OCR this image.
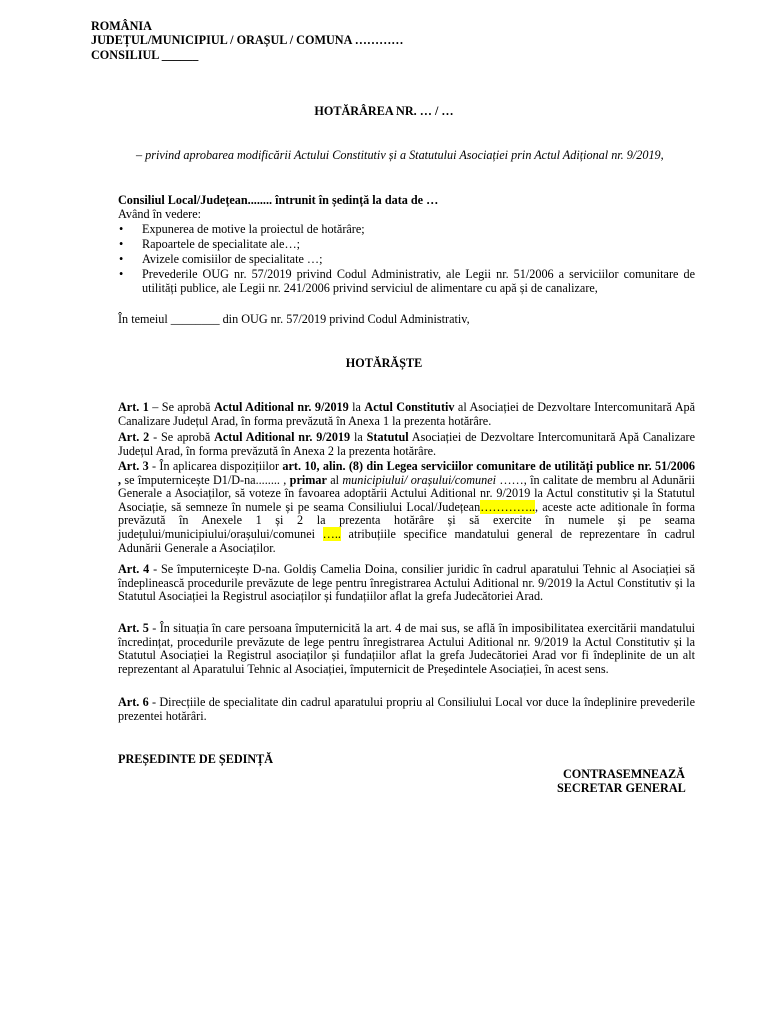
ROMÂNIA
JUDEȚUL/MUNICIPIUL / ORAȘUL / COMUNA …………
CONSILIUL ______
HOTĂRÂREA NR. … / …
– privind aprobarea modificării Actului Constitutiv și a Statutului Asociației prin Actul Adițional nr. 9/2019,
Consiliul Local/Județean........ întrunit în ședință la data de …
Având în vedere:
• Expunerea de motive la proiectul de hotărâre;
• Rapoartele de specialitate ale…;
• Avizele comisiilor de specialitate …;
• Prevederile OUG nr. 57/2019 privind Codul Administrativ, ale Legii nr. 51/2006 a serviciilor comunitare de utilități publice, ale Legii nr. 241/2006 privind serviciul de alimentare cu apă și de canalizare,
În temeiul ________ din OUG nr. 57/2019 privind Codul Administrativ,
HOTĂRĂȘTE
Art. 1 – Se aprobă Actul Aditional nr. 9/2019 la Actul Constitutiv al Asociației de Dezvoltare Intercomunitară Apă Canalizare Județul Arad, în forma prevăzută în Anexa 1 la prezenta hotărâre.
Art. 2 - Se aprobă Actul Aditional nr. 9/2019 la Statutul Asociației de Dezvoltare Intercomunitară Apă Canalizare Județul Arad, în forma prevăzută în Anexa 2 la prezenta hotărâre.
Art. 3 - În aplicarea dispozițiilor art. 10, alin. (8) din Legea serviciilor comunitare de utilități publice nr. 51/2006 , se împuternicește D1/D-na........ , primar al municipiului/ orașului/comunei ……, în calitate de membru al Adunării Generale a Asociaților, să voteze în favoarea adoptării Actului Aditional nr. 9/2019 la Actul constitutiv și la Statutul Asociație, să semneze în numele și pe seama Consiliului Local/Județean………….., aceste acte aditionale în forma prevăzută în Anexele 1 și 2 la prezenta hotărâre și să exercite în numele și pe seama județului/municipiului/orașului/comunei ….. atribuțiile specifice mandatului general de reprezentare în cadrul Adunării Generale a Asociaților.
Art. 4 - Se împuternicește D-na. Goldiș Camelia Doina, consilier juridic în cadrul aparatului Tehnic al Asociației să îndeplinească procedurile prevăzute de lege pentru înregistrarea Actului Aditional nr. 9/2019 la Actul Constitutiv și la Statutul Asociației la Registrul asociaților și fundațiilor aflat la grefa Judecătoriei Arad.
Art. 5 - În situația în care persoana împuternicită la art. 4 de mai sus, se află în imposibilitatea exercitării mandatului încredințat, procedurile prevăzute de lege pentru înregistrarea Actului Aditional nr. 9/2019 la Actul Constitutiv și la Statutul Asociației la Registrul asociaților și fundațiilor aflat la grefa Judecătoriei Arad vor fi îndeplinite de un alt reprezentant al Aparatului Tehnic al Asociației, împuternicit de Președintele Asociației, în acest sens.
Art. 6 - Direcțiile de specialitate din cadrul aparatului propriu al Consiliului Local vor duce la îndeplinire prevederile prezentei hotărâri.
PREȘEDINTE DE ȘEDINȚĂ
CONTRASEMNEAZĂ
SECRETAR GENERAL
